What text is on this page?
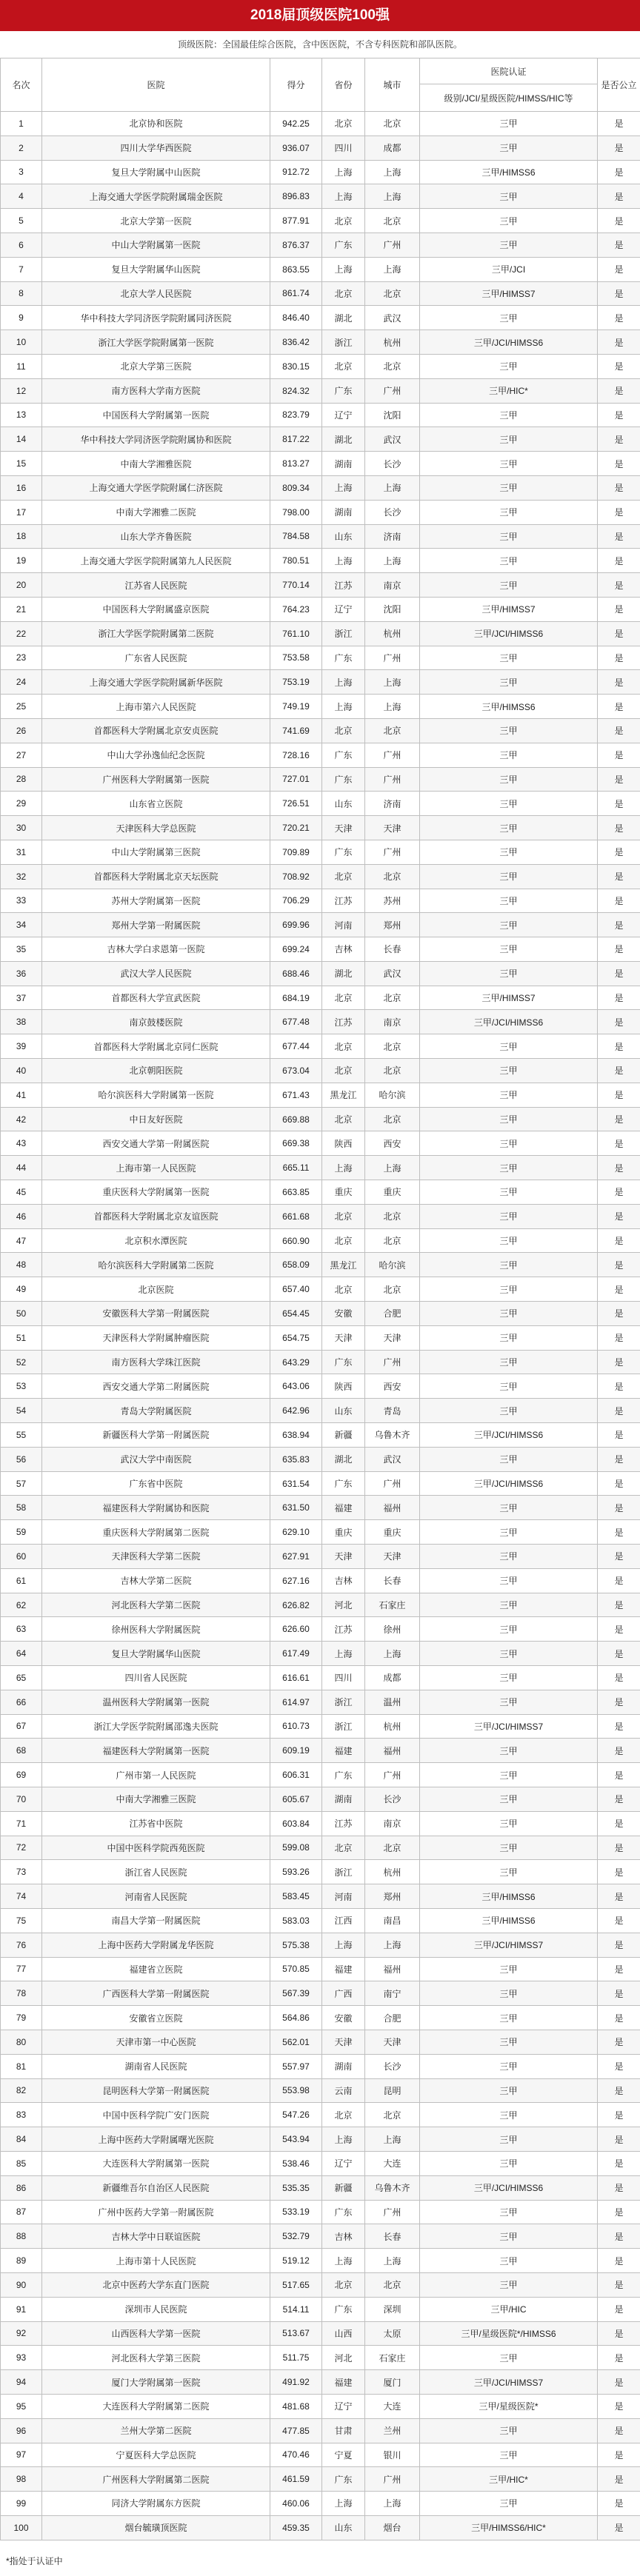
2018届顶级医院100强
顶级医院：全国最佳综合医院，含中医医院，不含专科医院和部队医院。
名次	医院	得分	省份	城市	医院认证	是否公立
					级别/JCI/星级医院/HIMSS/HIC等	
1	北京协和医院	942.25	北京	北京	三甲	是
2	四川大学华西医院	936.07	四川	成都	三甲	是
3	复旦大学附属中山医院	912.72	上海	上海	三甲/HIMSS6	是
4	上海交通大学医学院附属瑞金医院	896.83	上海	上海	三甲	是
5	北京大学第一医院	877.91	北京	北京	三甲	是
6	中山大学附属第一医院	876.37	广东	广州	三甲	是
7	复旦大学附属华山医院	863.55	上海	上海	三甲/JCI	是
8	北京大学人民医院	861.74	北京	北京	三甲/HIMSS7	是
9	华中科技大学同济医学院附属同济医院	846.40	湖北	武汉	三甲	是
10	浙江大学医学院附属第一医院	836.42	浙江	杭州	三甲/JCI/HIMSS6	是
11	北京大学第三医院	830.15	北京	北京	三甲	是
12	南方医科大学南方医院	824.32	广东	广州	三甲/HIC*	是
13	中国医科大学附属第一医院	823.79	辽宁	沈阳	三甲	是
14	华中科技大学同济医学院附属协和医院	817.22	湖北	武汉	三甲	是
15	中南大学湘雅医院	813.27	湖南	长沙	三甲	是
16	上海交通大学医学院附属仁济医院	809.34	上海	上海	三甲	是
17	中南大学湘雅二医院	798.00	湖南	长沙	三甲	是
18	山东大学齐鲁医院	784.58	山东	济南	三甲	是
19	上海交通大学医学院附属第九人民医院	780.51	上海	上海	三甲	是
20	江苏省人民医院	770.14	江苏	南京	三甲	是
21	中国医科大学附属盛京医院	764.23	辽宁	沈阳	三甲/HIMSS7	是
22	浙江大学医学院附属第二医院	761.10	浙江	杭州	三甲/JCI/HIMSS6	是
23	广东省人民医院	753.58	广东	广州	三甲	是
24	上海交通大学医学院附属新华医院	753.19	上海	上海	三甲	是
25	上海市第六人民医院	749.19	上海	上海	三甲/HIMSS6	是
26	首都医科大学附属北京安贞医院	741.69	北京	北京	三甲	是
27	中山大学孙逸仙纪念医院	728.16	广东	广州	三甲	是
28	广州医科大学附属第一医院	727.01	广东	广州	三甲	是
29	山东省立医院	726.51	山东	济南	三甲	是
30	天津医科大学总医院	720.21	天津	天津	三甲	是
31	中山大学附属第三医院	709.89	广东	广州	三甲	是
32	首都医科大学附属北京天坛医院	708.92	北京	北京	三甲	是
33	苏州大学附属第一医院	706.29	江苏	苏州	三甲	是
34	郑州大学第一附属医院	699.96	河南	郑州	三甲	是
35	吉林大学白求恩第一医院	699.24	吉林	长春	三甲	是
36	武汉大学人民医院	688.46	湖北	武汉	三甲	是
37	首都医科大学宣武医院	684.19	北京	北京	三甲/HIMSS7	是
38	南京鼓楼医院	677.48	江苏	南京	三甲/JCI/HIMSS6	是
39	首都医科大学附属北京同仁医院	677.44	北京	北京	三甲	是
40	北京朝阳医院	673.04	北京	北京	三甲	是
41	哈尔滨医科大学附属第一医院	671.43	黑龙江	哈尔滨	三甲	是
42	中日友好医院	669.88	北京	北京	三甲	是
43	西安交通大学第一附属医院	669.38	陕西	西安	三甲	是
44	上海市第一人民医院	665.11	上海	上海	三甲	是
45	重庆医科大学附属第一医院	663.85	重庆	重庆	三甲	是
46	首都医科大学附属北京友谊医院	661.68	北京	北京	三甲	是
47	北京积水潭医院	660.90	北京	北京	三甲	是
48	哈尔滨医科大学附属第二医院	658.09	黑龙江	哈尔滨	三甲	是
49	北京医院	657.40	北京	北京	三甲	是
50	安徽医科大学第一附属医院	654.45	安徽	合肥	三甲	是
51	天津医科大学附属肿瘤医院	654.75	天津	天津	三甲	是
52	南方医科大学珠江医院	643.29	广东	广州	三甲	是
53	西安交通大学第二附属医院	643.06	陕西	西安	三甲	是
54	青岛大学附属医院	642.96	山东	青岛	三甲	是
55	新疆医科大学第一附属医院	638.94	新疆	乌鲁木齐	三甲/JCI/HIMSS6	是
56	武汉大学中南医院	635.83	湖北	武汉	三甲	是
57	广东省中医院	631.54	广东	广州	三甲/JCI/HIMSS6	是
58	福建医科大学附属协和医院	631.50	福建	福州	三甲	是
59	重庆医科大学附属第二医院	629.10	重庆	重庆	三甲	是
60	天津医科大学第二医院	627.91	天津	天津	三甲	是
61	吉林大学第二医院	627.16	吉林	长春	三甲	是
62	河北医科大学第二医院	626.82	河北	石家庄	三甲	是
63	徐州医科大学附属医院	626.60	江苏	徐州	三甲	是
64	复旦大学附属华山医院	617.49	上海	上海	三甲	是
65	四川省人民医院	616.61	四川	成都	三甲	是
66	温州医科大学附属第一医院	614.97	浙江	温州	三甲	是
67	浙江大学医学院附属邵逸夫医院	610.73	浙江	杭州	三甲/JCI/HIMSS7	是
68	福建医科大学附属第一医院	609.19	福建	福州	三甲	是
69	广州市第一人民医院	606.31	广东	广州	三甲	是
70	中南大学湘雅三医院	605.67	湖南	长沙	三甲	是
71	江苏省中医院	603.84	江苏	南京	三甲	是
72	中国中医科学院西苑医院	599.08	北京	北京	三甲	是
73	浙江省人民医院	593.26	浙江	杭州	三甲	是
74	河南省人民医院	583.45	河南	郑州	三甲/HIMSS6	是
75	南昌大学第一附属医院	583.03	江西	南昌	三甲/HIMSS6	是
76	上海中医药大学附属龙华医院	575.38	上海	上海	三甲/JCI/HIMSS7	是
77	福建省立医院	570.85	福建	福州	三甲	是
78	广西医科大学第一附属医院	567.39	广西	南宁	三甲	是
79	安徽省立医院	564.86	安徽	合肥	三甲	是
80	天津市第一中心医院	562.01	天津	天津	三甲	是
81	湖南省人民医院	557.97	湖南	长沙	三甲	是
82	昆明医科大学第一附属医院	553.98	云南	昆明	三甲	是
83	中国中医科学院广安门医院	547.26	北京	北京	三甲	是
84	上海中医药大学附属曙光医院	543.94	上海	上海	三甲	是
85	大连医科大学附属第一医院	538.46	辽宁	大连	三甲	是
86	新疆维吾尔自治区人民医院	535.35	新疆	乌鲁木齐	三甲/JCI/HIMSS6	是
87	广州中医药大学第一附属医院	533.19	广东	广州	三甲	是
88	吉林大学中日联谊医院	532.79	吉林	长春	三甲	是
89	上海市第十人民医院	519.12	上海	上海	三甲	是
90	北京中医药大学东直门医院	517.65	北京	北京	三甲	是
91	深圳市人民医院	514.11	广东	深圳	三甲/HIC	是
92	山西医科大学第一医院	513.67	山西	太原	三甲/星级医院*/HIMSS6	是
93	河北医科大学第三医院	511.75	河北	石家庄	三甲	是
94	厦门大学附属第一医院	491.92	福建	厦门	三甲/JCI/HIMSS7	是
95	大连医科大学附属第二医院	481.68	辽宁	大连	三甲/星级医院*	是
96	兰州大学第二医院	477.85	甘肃	兰州	三甲	是
97	宁夏医科大学总医院	470.46	宁夏	银川	三甲	是
98	广州医科大学附属第二医院	461.59	广东	广州	三甲/HIC*	是
99	同济大学附属东方医院	460.06	上海	上海	三甲	是
100	烟台毓璜顶医院	459.35	山东	烟台	三甲/HIMSS6/HIC*	是
*指处于认证中
